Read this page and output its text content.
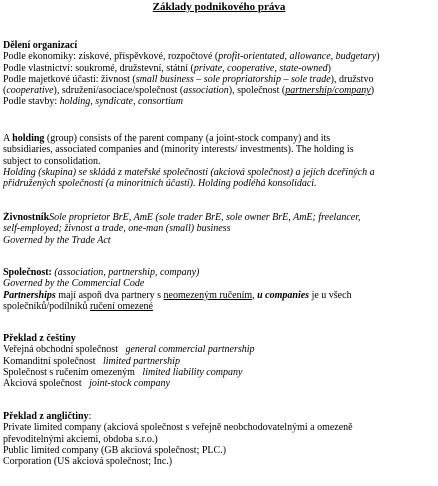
Základy podnikového práva
Dělení organizací
Podle ekonomiky: ziskové, příspěvkové, rozpočtové (profit-orientated, allowance, budgetary)
Podle vlastnictví: soukromé, družstevní, státní (private, cooperative, state-owned)
Podle majetkové účasti: živnost (small business – sole propriatorship – sole trade), družstvo
(cooperative), sdružení/asociace/společnost (association), společnost (partnership/company)
Podle stavby: holding, syndicate, consortium
A holding (group) consists of the parent company (a joint-stock company) and its
subsidiaries, associated companies and (minority interests/ investments). The holding is
subject to consolidation.
Holding (skupina) se skládá z mateřské společnosti (akciová společnost) a jejích dceřiných a
přidružených společností (a minoritních účastí). Holding podléhá konsolidaci.
ŽivnostníkSole proprietor BrE, AmE (sole trader BrE, sole owner BrE, AmE; freelancer,
self-employed; živnost a trade, one-man (small) business
Governed by the Trade Act
Společnost: (association, partnership, company)
Governed by the Commercial Code
Partnerships mají aspoň dva partnery s neomezeným ručením, u companies je u všech
společníků/podílníků ručení omezené
Překlad z češtiny
Veřejná obchodní společnost general commercial partnership
Komanditní společnost limited partnership
Společnost s ručením omezeným limited liability company
Akciová společnost joint-stock company
Překlad z angličtiny:
Private limited company (akciová společnost s veřejně neobchodovatelnými a omezeně
převoditelnými akciemi, obdoba s.r.o.)
Public limited company (GB akciová společnost; PLC.)
Corporation (US akciová společnost; Inc.)
